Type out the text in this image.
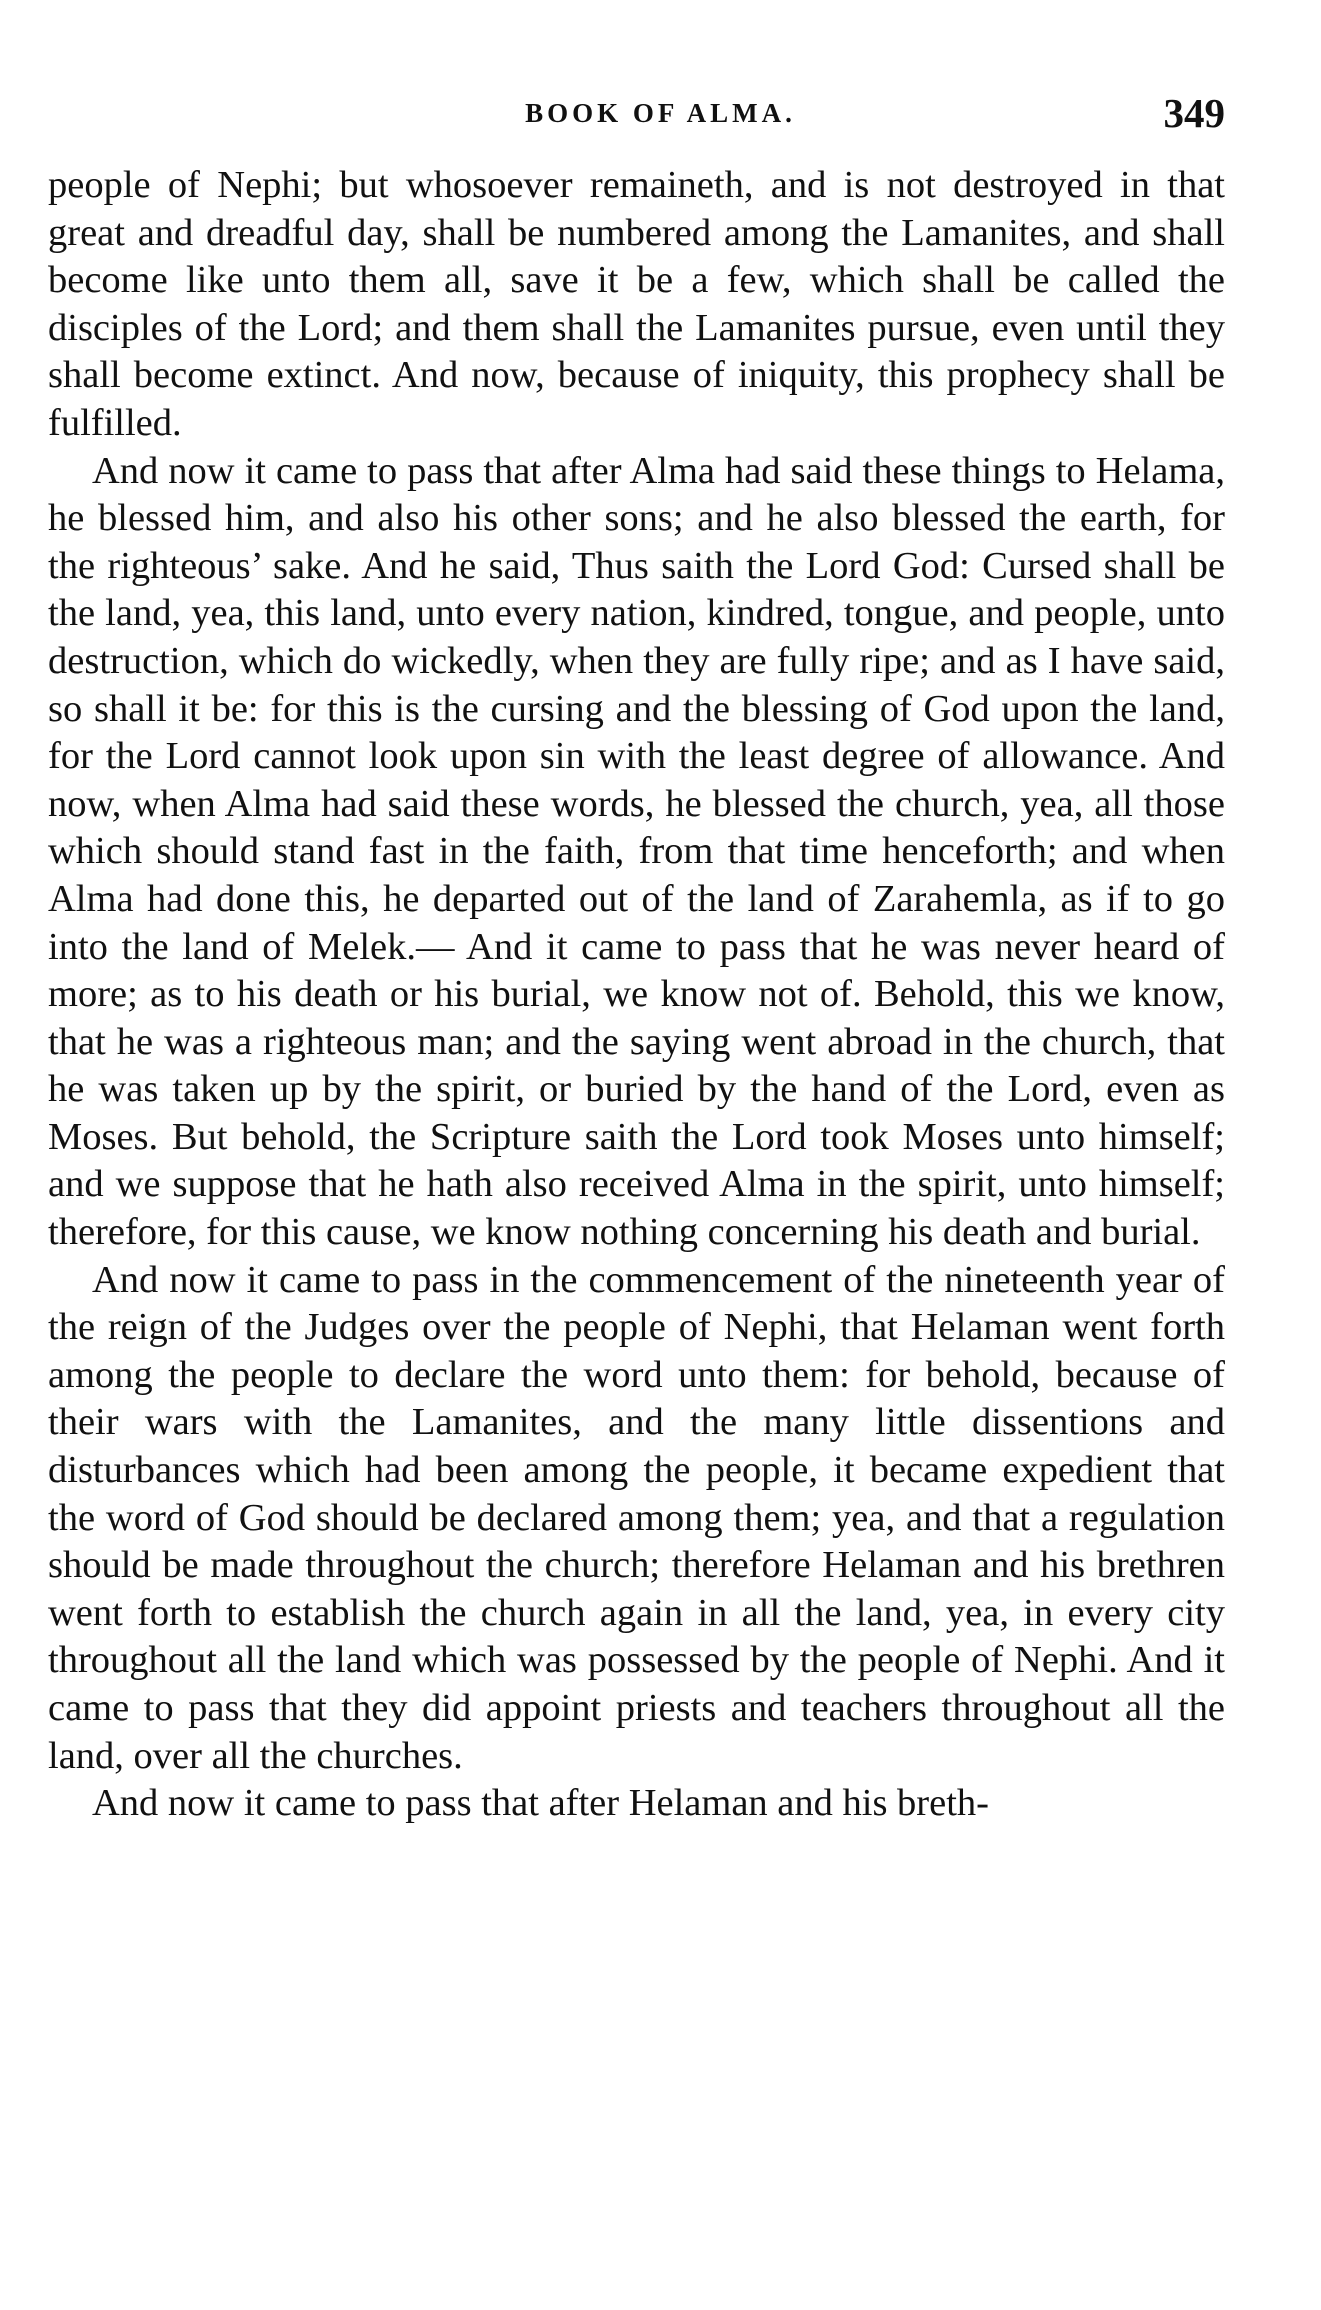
BOOK OF ALMA.	349

people of Nephi; but whosoever remaineth, and is not destroyed in that great and dreadful day, shall be numbered among the Lamanites, and shall become like unto them all, save it be a few, which shall be called the disciples of the Lord; and them shall the Lamanites pursue, even until they shall become extinct. And now, because of iniquity, this prophecy shall be fulfilled.

And now it came to pass that after Alma had said these things to Helama, he blessed him, and also his other sons; and he also blessed the earth, for the righteous’ sake. And he said, Thus saith the Lord God: Cursed shall be the land, yea, this land, unto every nation, kindred, tongue, and people, unto destruction, which do wickedly, when they are fully ripe; and as I have said, so shall it be: for this is the cursing and the blessing of God upon the land, for the Lord cannot look upon sin with the least degree of allowance. And now, when Alma had said these words, he blessed the church, yea, all those which should stand fast in the faith, from that time henceforth; and when Alma had done this, he departed out of the land of Zarahemla, as if to go into the land of Melek.— And it came to pass that he was never heard of more; as to his death or his burial, we know not of. Behold, this we know, that he was a righteous man; and the saying went abroad in the church, that he was taken up by the spirit, or buried by the hand of the Lord, even as Moses. But behold, the Scripture saith the Lord took Moses unto himself; and we suppose that he hath also received Alma in the spirit, unto himself; therefore, for this cause, we know nothing concerning his death and burial.

And now it came to pass in the commencement of the nineteenth year of the reign of the Judges over the people of Nephi, that Helaman went forth among the people to declare the word unto them: for behold, because of their wars with the Lamanites, and the many little dissentions and disturbances which had been among the people, it became expedient that the word of God should be declared among them; yea, and that a regulation should be made throughout the church; therefore Helaman and his brethren went forth to establish the church again in all the land, yea, in every city throughout all the land which was possessed by the people of Nephi. And it came to pass that they did appoint priests and teachers throughout all the land, over all the churches.

And now it came to pass that after Helaman and his breth-
